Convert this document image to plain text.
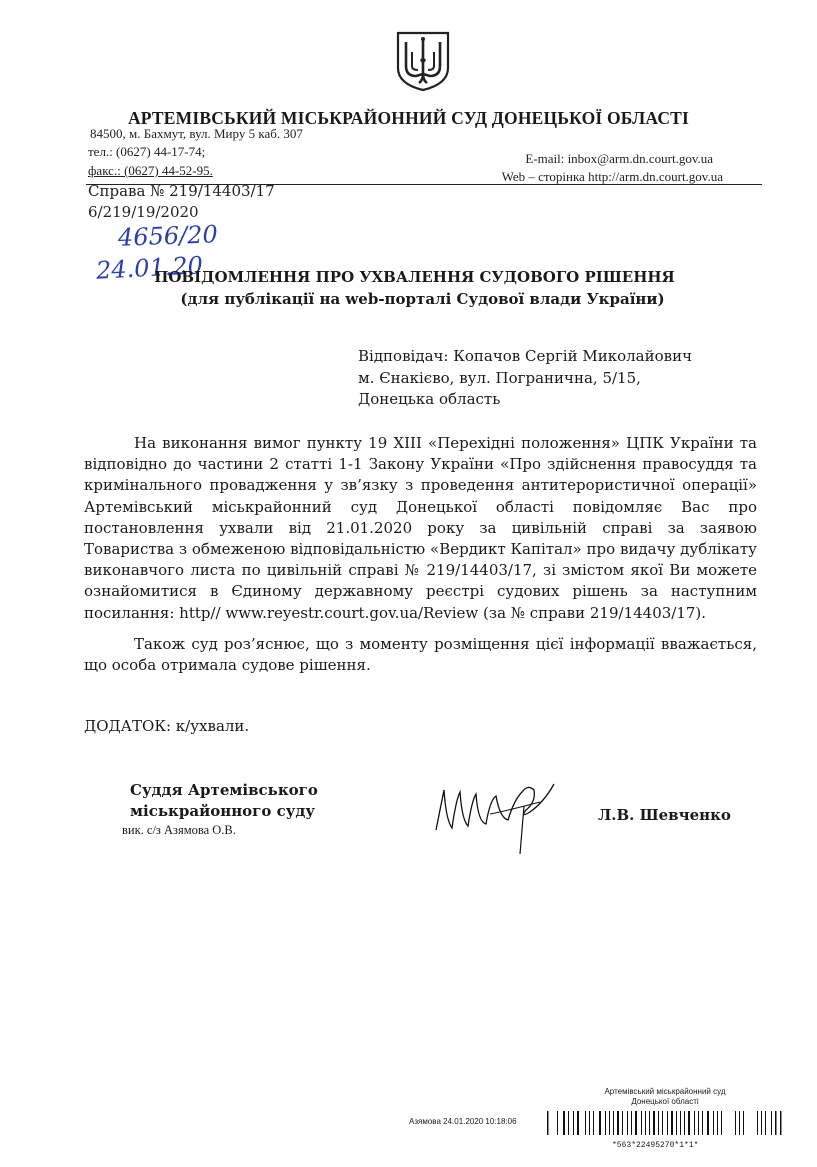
АРТЕМІВСЬКИЙ МІСЬКРАЙОННИЙ СУД ДОНЕЦЬКОЇ ОБЛАСТІ
84500, м. Бахмут, вул. Миру 5 каб. 307
тел.: (0627) 44-17-74;
факс.: (0627) 44-52-95.
E-mail: inbox@arm.dn.court.gov.ua
Web – сторінка http://arm.dn.court.gov.ua
Справа № 219/14403/17
6/219/19/2020
4656/20
24.01.20
ПОВІДОМЛЕННЯ ПРО УХВАЛЕННЯ СУДОВОГО РІШЕННЯ
(для публікації на web-порталі Судової влади України)
Відповідач: Копачов Сергій Миколайович
м. Єнакієво, вул. Погранична, 5/15,
Донецька область

На виконання вимог пункту 19 ХІІІ «Перехідні положення» ЦПК України та відповідно до частини 2 статті 1-1 Закону України «Про здійснення правосуддя та кримінального провадження у зв’язку з проведення антитерористичної операції» Артемівський міськрайонний суд Донецької області повідомляє Вас про постановлення ухвали від 21.01.2020 року за цивільній справі за заявою Товариства з обмеженою відповідальністю «Вердикт Капітал» про видачу дублікату виконавчого листа по цивільній справі № 219/14403/17, зі змістом якої Ви можете ознайомитися в Єдиному державному реєстрі судових рішень за наступним посилання: http// www.reyestr.court.gov.ua/Review (за № справи 219/14403/17).

Також суд роз’яснює, що з моменту розміщення цієї інформації вважається, що особа отримала судове рішення.

ДОДАТОК: к/ухвали.
Суддя Артемівського
міськрайонного суду
вик. с/з Азямова О.В.
Л.В. Шевченко
Артемівський міськрайонний суд
Донецької області
Азямова 24.01.2020 10:18:06
*563*22495270*1*1*
